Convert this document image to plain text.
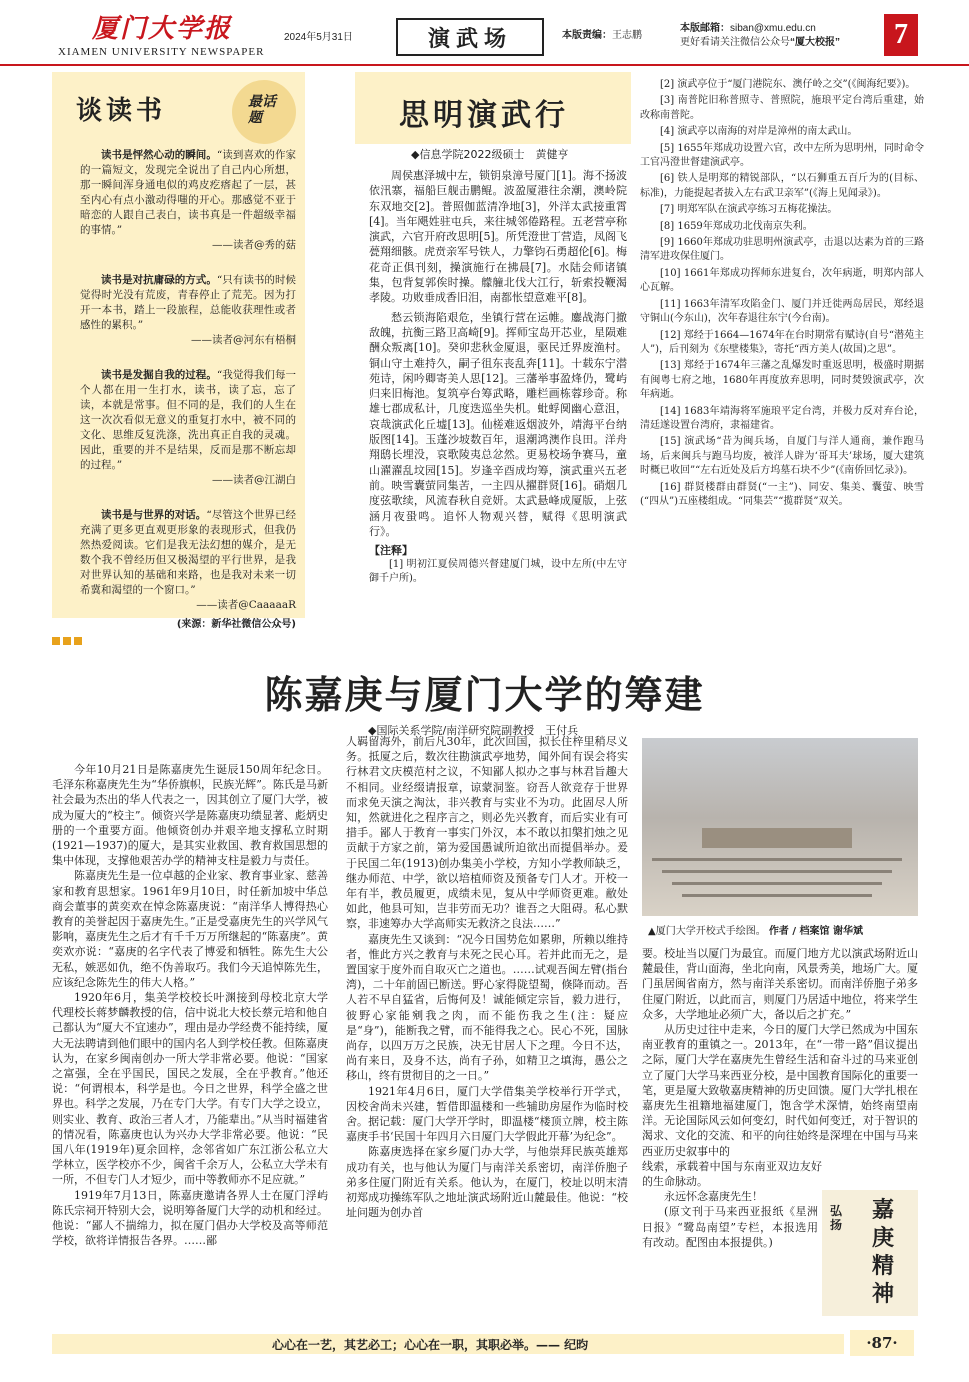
厦门大学报
XIAMEN UNIVERSITY NEWSPAPER
2024年5月31日	演武场	本版责编：王志鹏
本版邮箱：siban@xmu.edu.cn
更好看请关注微信公众号“厦大校报”	7
谈读书	最话题

读书是怦然心动的瞬间。“读到喜欢的作家的一篇短文，发现完全说出了自己内心所想，那一瞬间浑身通电似的鸡皮疙瘩起了一层，甚至内心有点小激动得嗤的开心。那感觉不亚于暗恋的人跟自己表白，读书真是一件超级幸福的事情。”

——读者@秀的菇

读书是对抗庸碌的方式。“只有读书的时候觉得时光没有荒废，青春停止了荒芜。因为打开一本书，踏上一段旅程，总能收获理性或者感性的累积。”

——读者@河东有梧桐

读书是发掘自我的过程。“我觉得我们每一个人都在用一生打水，读书，读了忘，忘了读，本就是常事。但不同的是，我们的人生在这一次次看似无意义的重复打水中，被不同的文化、思维反复洗涤，洗出真正自我的灵魂。因此，重要的并不是结果，反而是那不断忘却的过程。”

——读者@江湖白

读书是与世界的对话。“尽管这个世界已经充满了更多更直观更形象的表现形式，但我仍然热爱阅读。它们是我无法幻想的媒介，是无数个我不曾经历但又极渴望的平行世界，是我对世界认知的基础和来路，也是我对未来一切希冀和渴望的一个窗口。”

——读者@CaaaaaR

(来源：新华社微信公众号)

思明演武行
◆信息学院2022级硕士　黄健亨

周侯惠泽城中左，锁钥泉漳号厦门[1]。海不扬波依汛寨，福船巨舰击鹏鲲。波盈厦港往余潮，澳岭院东双地交[2]。普照伽蓝清净地[3]，外洋太武接重霄[4]。当年飓姓驻屯兵，来往城邻倦路程。五老营亭称演武，六官开府改思明[5]。所凭澄世丁营造，凤阁飞甍翔细骸。虎贲亲军号铁人，力擎钧石勇超伦[6]。梅花奇正俱刊刻，操演施行在拂晨[7]。水陆会师诸镇集，包背复郭俟时操。艨艟北伐大江行，斩索投鞭渴孝陵。功败垂成香旧泪，南都怅望意难平[8]。

愁云锁海陷艰危，坐镇行营在运帷。鏖战海门撤敌魄，抗衡三路卫高崎[9]。挥师宝岛开芯业，星陨难酬众叛离[10]。癸卯悲秋金厦退，驱民迁界废渔村。铜山守土难持久，嗣子徂东丧乱奔[11]。十载东宁潜苑诗，闲吟卿寄美人思[12]。三藩举事盈烽仍，鹭屿归来旧梅池。复筑亭台筹武略，雕栏画栋蓉珍奇。称雄七郡成私计，几度迭巡坐失机。蚍蜉阒幽心意沮，哀哉演武化丘墟[13]。仙槎难返烟波外，靖海平台纳版图[14]。玉蓬沙坡数百年，退潮鸿澳作良田。洋舟翔鸱长埋没，哀歌陵夷总忿然。更易校场争赛马，童山濯濯乱坟园[15]。岁逢辛酉成均筹，演武重兴五老前。映雪囊萤同集苦，一主四从擢群贤[16]。硝烟几度弦歌续，风流春秋自竞妍。太武悬峰成厦版，上弦涵月夜蛩鸣。追怀人物观兴替，赋得《思明演武行》。

【注释】

[1] 明初江夏侯周德兴督建厦门城，设中左所(中左守御千户所)。

[2] 演武亭位于“厦门港院东、澳仔岭之交”(《闽海纪要》)。

[3] 南普陀旧称普照寺、普照院，施琅平定台湾后重建，始改称南普陀。

[4] 演武亭以南海的对岸是漳州的南太武山。

[5] 1655年郑成功设置六官，改中左所为思明州，同时命令工官冯澄世督建演武亭。

[6] 铁人是明郑的精锐部队，“以石狮重五百斤为的(目标、标准)，力能提起者拔入左右武卫亲军”(《海上见闻录》)。

[7] 明郑军队在演武亭练习五梅花操法。

[8] 1659年郑成功北伐南京失利。

[9] 1660年郑成功驻思明州演武亭，击退以达素为首的三路清军进攻保住厦门。

[10] 1661年郑成功挥师东进复台，次年病逝，明郑内部人心瓦解。

[11] 1663年清军攻陷金门、厦门并迁徙两岛居民，郑经退守铜山(今东山)，次年春退往东宁(今台南)。

[12] 郑经于1664—1674年在台时期常有赋诗(自号“潜苑主人”)，后刊刻为《东壁楼集》，寄托“西方美人(故国)之思”。

[13] 郑经于1674年三藩之乱爆发时重返思明，极盛时期据有闽粤七府之地，1680年再度放弃思明，同时焚毁演武亭，次年病逝。

[14] 1683年靖海将军施琅平定台湾，并极力反对弃台论，清廷遂设置台湾府，隶福建省。

[15] 演武场“昔为闽兵场，自厦门与洋人通商，兼作跑马场，后来闽兵与跑马均废，被洋人辟为‘哥耳夫’球场，厦大建筑时概已收回”“左右近处及后方坞墓石块不少”(《南侨回忆录》)。

[16] 群贤楼群由群贤(“一主”)、同安、集美、囊萤、映雪(“四从”)五座楼组成。“同集芸”“揽群贤”双关。

陈嘉庚与厦门大学的筹建
◆国际关系学院/南洋研究院副教授　王付兵

今年10月21日是陈嘉庚先生诞辰150周年纪念日。毛泽东称嘉庚先生为“华侨旗帜，民族光辉”。陈氏是马新社会最为杰出的华人代表之一，因其创立了厦门大学，被成为厦大的“校主”。倾资兴学是陈嘉庚功绩显著、彪炳史册的一个重要方面。他倾资创办并艰辛地支撑私立时期(1921—1937)的厦大，是其实业救国、教育救国思想的集中体现，支撑他艰苦办学的精神支柱是毅力与责任。

陈嘉庚先生是一位卓越的企业家、教育事业家、慈善家和教育思想家。1961年9月10日，时任新加坡中华总商会董事的黄奕欢在悼念陈嘉庚说：“南洋华人博得热心教育的美誉起因于嘉庚先生。”正是受嘉庚先生的兴学风气影响，嘉庚先生之后才有千千万万所继起的“陈嘉庚”。黄奕欢亦说：“嘉庚的名字代表了博爱和牺牲。陈先生大公无私，嫉恶如仇，绝不伪善取巧。我们今天追悼陈先生，应该纪念陈先生的伟大人格。”

1920年6月，集美学校校长叶渊接到母校北京大学代理校长蒋梦麟教授的信，信中说北大校长蔡元培和他自己都认为“厦大不宜速办”，理由是办学经费不能持续，厦大无法聘请到他们眼中的国内名人到学校任教。但陈嘉庚认为，在家乡闽南创办一所大学非常必要。他说：“国家之富强，全在乎国民，国民之发展，全在乎教育。”他还说：“何谓根本，科学是也。今日之世界，科学全盛之世界也。科学之发展，乃在专门大学。有专门大学之设立，则实业、教育、政治三者人才，乃能辈出。”从当时福建省的情况看，陈嘉庚也认为兴办大学非常必要。他说：“民国八年(1919年)夏余回梓，念邻省如广东江浙公私立大学林立，医学校亦不少，闽省千余万人，公私立大学未有一所，不但专门人才短少，而中等教师亦不足应就。”

1919年7月13日，陈嘉庚邀请各界人士在厦门浮屿陈氏宗祠开特别大会，说明筹备厦门大学的动机和经过。他说：“鄙人不揣绵力，拟在厦门倡办大学校及高等师范学校，欲将详情报告各界。……鄙

人羁留海外，前后凡30年，此次回国，拟长住梓里稍尽义务。抵厦之后，数次往勘演武亭地势，闻外间有误会将实行林君文庆模范村之议，不知鄙人拟办之事与林君旨趣大不相同。业经缀请报章，谅蒙洞鉴。窃吾人欲竞存于世界而求免天演之淘汰，非兴教育与实业不为功。此固尽人所知，然就进化之程序言之，则必先兴教育，而后实业有可措手。鄙人于教育一事实门外汉，本不敢以扣槃扪烛之见贡献于方家之前，第为爱国愚诚所迫欲出而提倡举办。爰于民国二年(1913)创办集美小学校，方知小学教师缺乏，继办师范、中学，欲以培植师资及预备专门人才。开校一年有半，教员履更，成绩未见，复从中学师资更难。敝处如此，他县可知，岂非劳而无功？谁吾之大阻碍。私心默察，非速筹办大学高师实无救济之良法……”

嘉庚先生又谈到：“况今日国势危如累卵，所赖以维持者，惟此方兴之教育与未死之民心耳。若并此而无之，是置国家于度外而自取灭亡之道也。……试观吾闽左臂(指台湾)，二十年前固已断送。野心家得陇望蜀，倏降而动。吾人若不早自猛省，后悔何及！诚能倾定宗旨，毅力进行，彼野心家能剜我之肉，而不能伤我之生(注：疑应是“身”)，能断我之臂，而不能得我之心。民心不死，国脉尚存，以四万万之民族，决无甘居人下之理。今日不达，尚有来日，及身不达，尚有子孙，如精卫之填海，愚公之移山，终有贯彻目的之一日。”

1921年4月6日，厦门大学借集美学校举行开学式，因校舍尚未兴建，暂借即温楼和一些辅助房屋作为临时校舍。据记载：厦门大学开学时，即温楼“楼顶立牌，校主陈嘉庚手书‘民国十年四月六日厦门大学假此开幕’为纪念”。

陈嘉庚选择在家乡厦门办大学，与他崇拜民族英雄郑成功有关，也与他认为厦门与南洋关系密切，南洋侨胞子弟多住厦门附近有关系。他认为，在厦门，校址以明末清初郑成功操练军队之地址演武场附近山麓最佳。他说：“校址问题为创办首

▲厦门大学开校式手绘图。 作者 / 档案馆 谢华斌

要。校址当以厦门为最宜。而厦门地方尤以演武场附近山麓最佳，背山面海，坐北向南，风景秀美，地场广大。厦门虽居闽省南方，然与南洋关系密切。而南洋侨胞子弟多住厦门附近，以此而言，则厦门乃居适中地位，将来学生众多，大学地址必须广大，备以后之扩充。”

从历史过往中走来，今日的厦门大学已然成为中国东南亚教育的重镇之一。2013年，在“一带一路”倡议提出之际，厦门大学在嘉庚先生曾经生活和奋斗过的马来亚创立了厦门大学马来西亚分校，是中国教育国际化的重要一笔，更是厦大致敬嘉庚精神的历史回馈。厦门大学扎根在嘉庚先生祖籍地福建厦门，饱含学术深情，始终南望南洋。无论国际风云如何变幻，时代如何变迁，对于智识的渴求、文化的交流、和平的向往始终是深埋在中国与马来西亚历史叙事中的

线索，承载着中国与东南亚双边友好的生命脉动。

永远怀念嘉庚先生！

(原文刊于马来西亚报纸《星洲日报》“鹭岛南望”专栏，本报选用有改动。配图由本报提供。)

弘扬
嘉庚精神
心心在一艺，其艺必工；心心在一职，其职必举。—— 纪昀	·87·
